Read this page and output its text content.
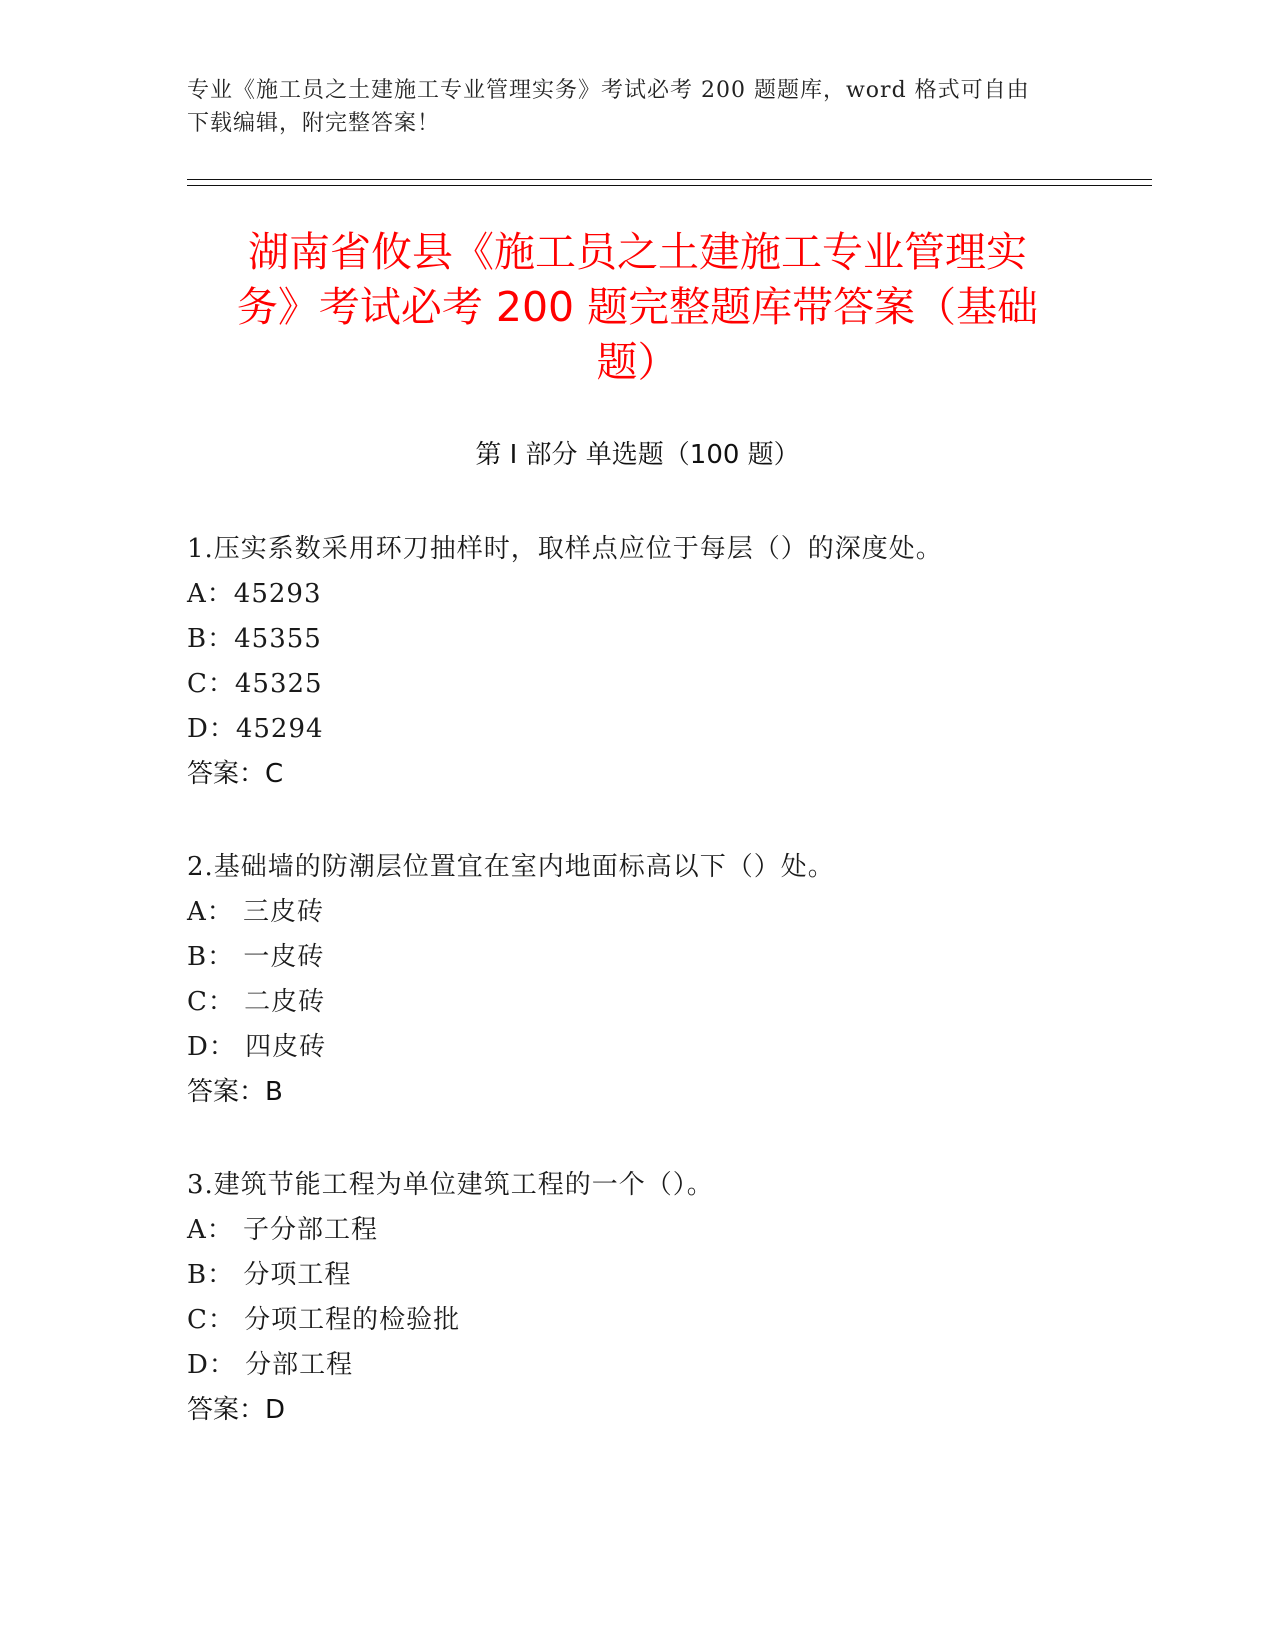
专业《施工员之土建施工专业管理实务》考试必考 200 题题库，word 格式可自由
下载编辑，附完整答案！
湖南省攸县《施工员之土建施工专业管理实
务》考试必考 200 题完整题库带答案（基础
题）
第 I 部分 单选题（100 题）
1.压实系数采用环刀抽样时，取样点应位于每层（）的深度处。
A：45293
B：45355
C：45325
D：45294
答案：C
2.基础墙的防潮层位置宜在室内地面标高以下（）处。
A： 三皮砖
B： 一皮砖
C： 二皮砖
D： 四皮砖
答案：B
3.建筑节能工程为单位建筑工程的一个（）。
A： 子分部工程
B： 分项工程
C： 分项工程的检验批
D： 分部工程
答案：D
